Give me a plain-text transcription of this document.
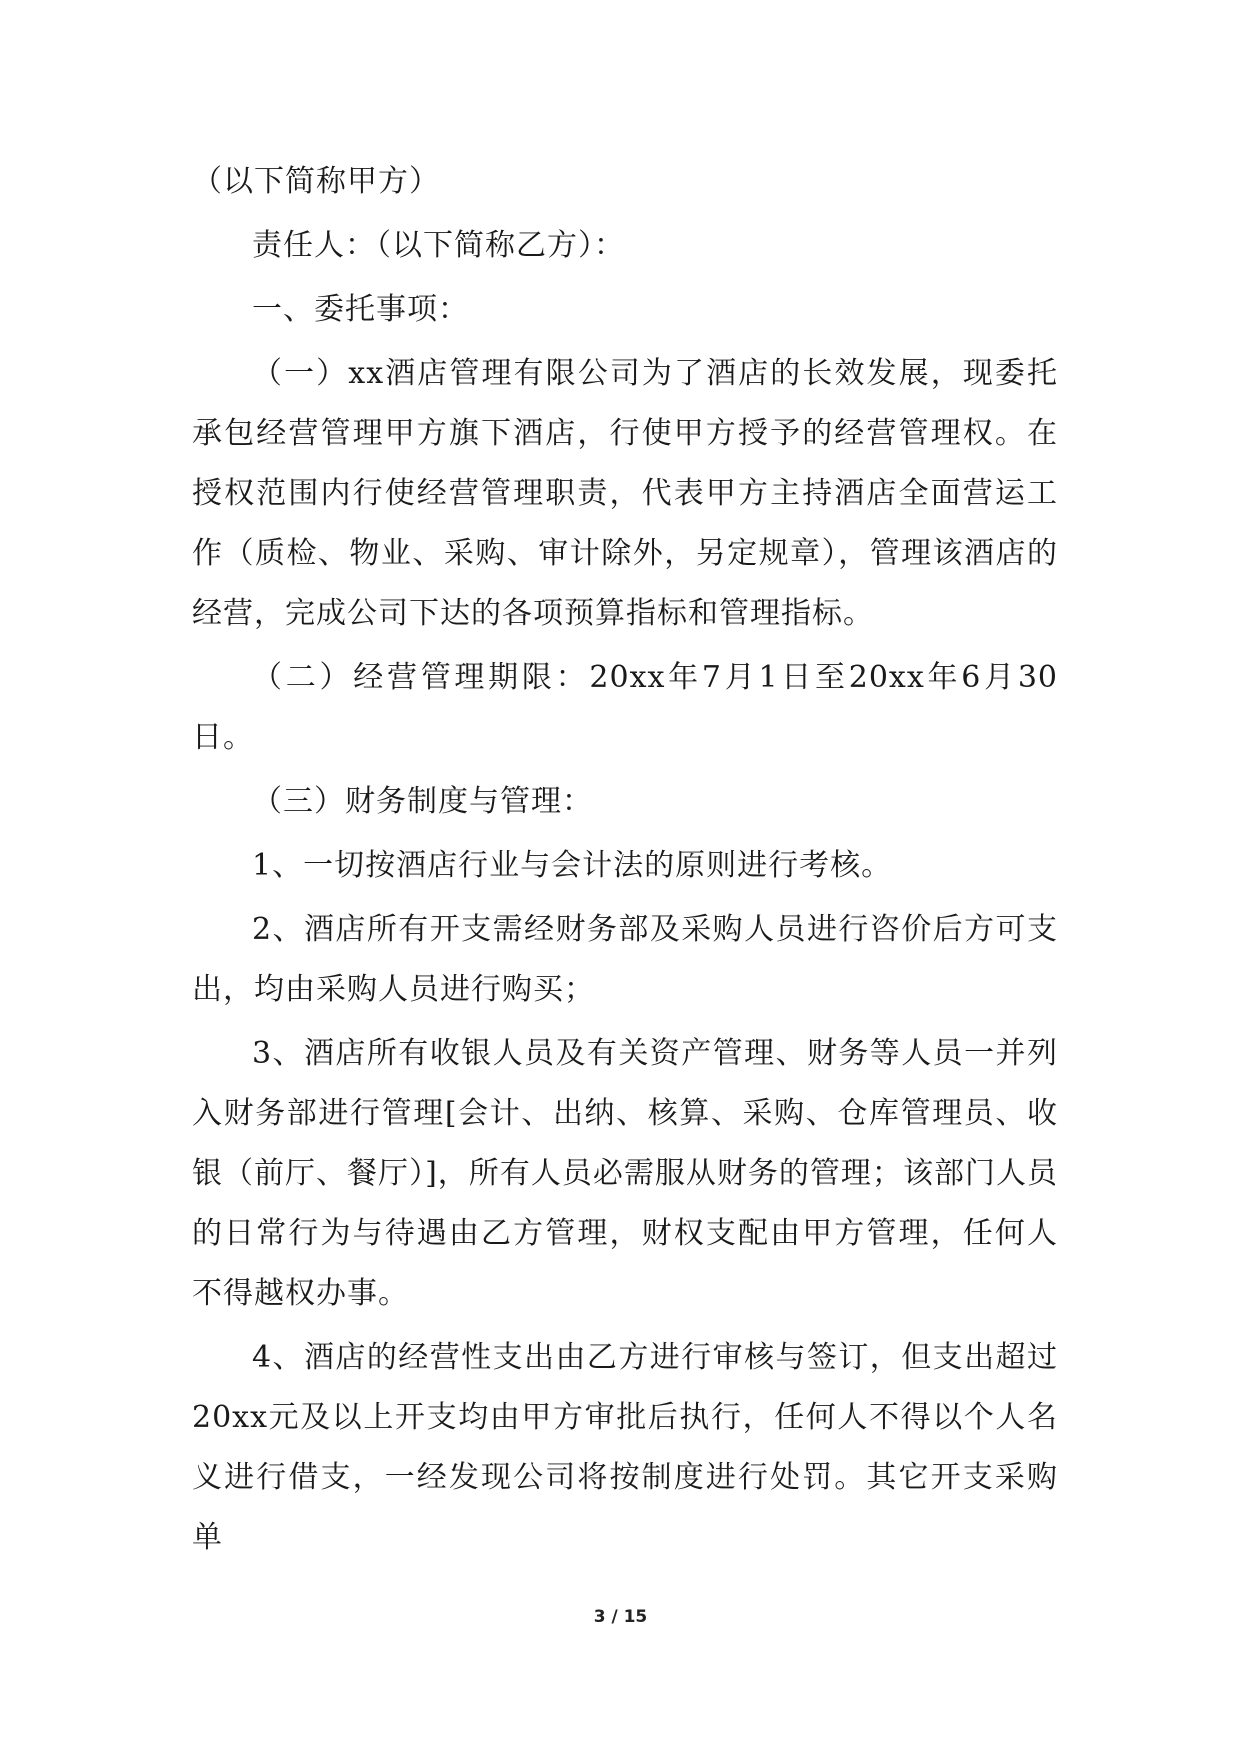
（以下简称甲方）

责任人：（以下简称乙方）：

一、委托事项：

（一）xx酒店管理有限公司为了酒店的长效发展，现委托承包经营管理甲方旗下酒店，行使甲方授予的经营管理权。在授权范围内行使经营管理职责，代表甲方主持酒店全面营运工作（质检、物业、采购、审计除外，另定规章），管理该酒店的经营，完成公司下达的各项预算指标和管理指标。

（二）经营管理期限：20xx年7月1日至20xx年6月30日。

（三）财务制度与管理：

1、一切按酒店行业与会计法的原则进行考核。

2、酒店所有开支需经财务部及采购人员进行咨价后方可支出，均由采购人员进行购买；

3、酒店所有收银人员及有关资产管理、财务等人员一并列入财务部进行管理[会计、出纳、核算、采购、仓库管理员、收银（前厅、餐厅）]，所有人员必需服从财务的管理；该部门人员的日常行为与待遇由乙方管理，财权支配由甲方管理，任何人不得越权办事。

4、酒店的经营性支出由乙方进行审核与签订，但支出超过20xx元及以上开支均由甲方审批后执行，任何人不得以个人名义进行借支，一经发现公司将按制度进行处罚。其它开支采购单

3 / 15
